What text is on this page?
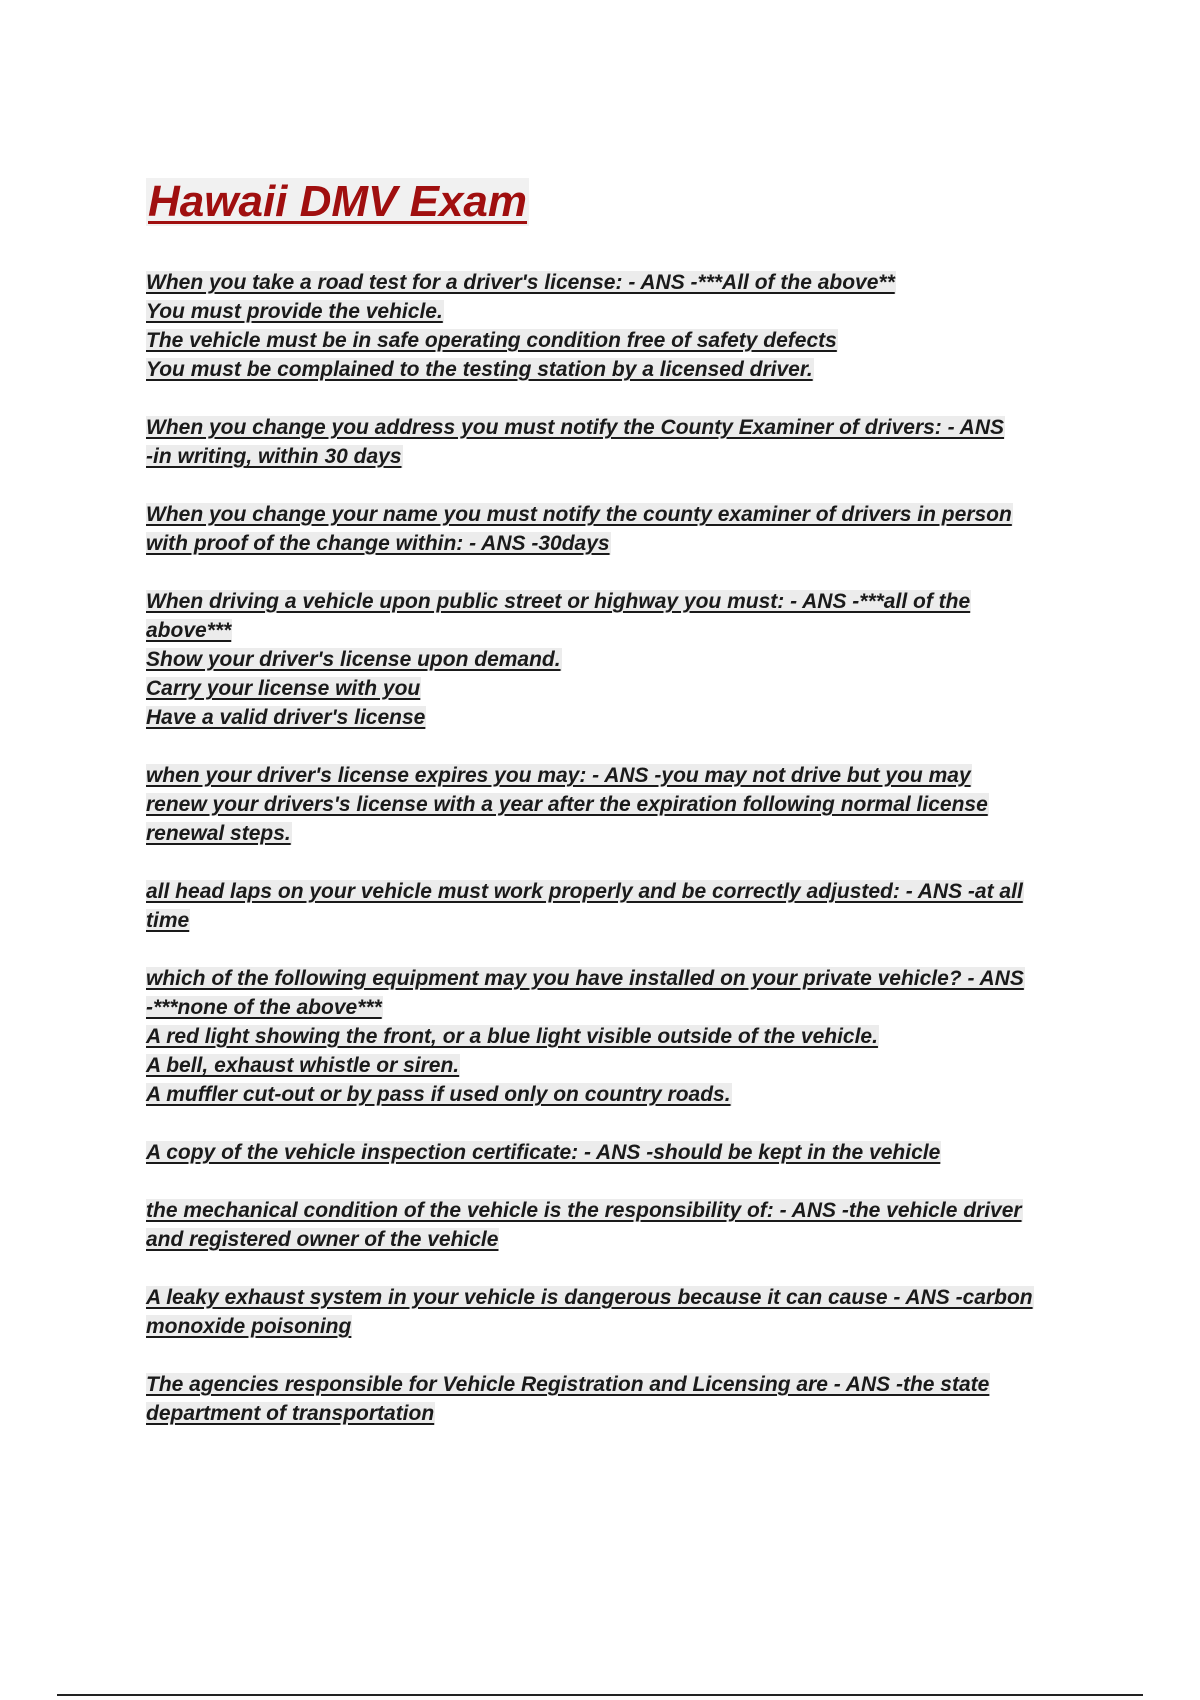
Hawaii DMV Exam
When you take a road test for a driver's license: - ANS -***All of the above**
You must provide the vehicle.
The vehicle must be in safe operating condition free of safety defects
You must be complained to the testing station by a licensed driver.
When you change you address you must notify the County Examiner of drivers: - ANS
-in writing, within 30 days
When you change your name you must notify the county examiner of drivers in person
with proof of the change within: - ANS -30days
When driving a vehicle upon public street or highway you must: - ANS -***all of the
above***
Show your driver's license upon demand.
Carry your license with you
Have a valid driver's license
when your driver's license expires you may: - ANS -you may not drive but you may
renew your drivers's license with a year after the expiration following normal license
renewal steps.
all head laps on your vehicle must work properly and be correctly adjusted: - ANS -at all
time
which of the following equipment may you have installed on your private vehicle? - ANS
-***none of the above***
A red light showing the front, or a blue light visible outside of the vehicle.
A bell, exhaust whistle or siren.
A muffler cut-out or by pass if used only on country roads.
A copy of the vehicle inspection certificate: - ANS -should be kept in the vehicle
the mechanical condition of the vehicle is the responsibility of: - ANS -the vehicle driver
and registered owner of the vehicle
A leaky exhaust system in your vehicle is dangerous because it can cause - ANS -carbon
monoxide poisoning
The agencies responsible for Vehicle Registration and Licensing are - ANS -the state
department of transportation
